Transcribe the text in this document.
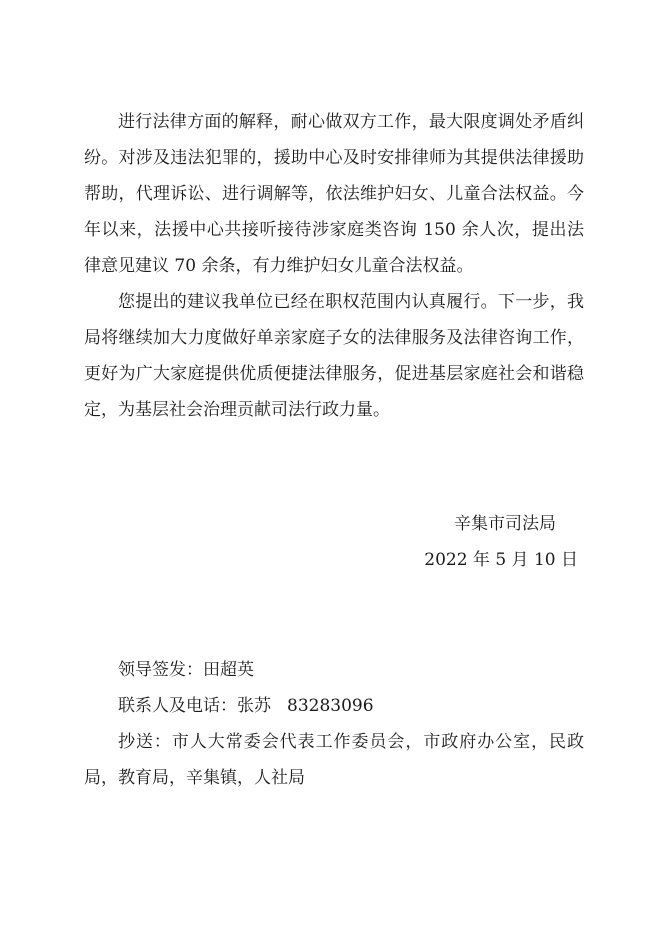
进行法律方面的解释，耐心做双方工作，最大限度调处矛盾纠纷。对涉及违法犯罪的，援助中心及时安排律师为其提供法律援助帮助，代理诉讼、进行调解等，依法维护妇女、儿童合法权益。今年以来，法援中心共接听接待涉家庭类咨询 150 余人次，提出法律意见建议 70 余条，有力维护妇女儿童合法权益。

您提出的建议我单位已经在职权范围内认真履行。下一步，我局将继续加大力度做好单亲家庭子女的法律服务及法律咨询工作，更好为广大家庭提供优质便捷法律服务，促进基层家庭社会和谐稳定，为基层社会治理贡献司法行政力量。

辛集市司法局
2022 年 5 月 10 日

领导签发：田超英

联系人及电话：张苏 83283096

抄送：市人大常委会代表工作委员会，市政府办公室，民政局，教育局，辛集镇，人社局
